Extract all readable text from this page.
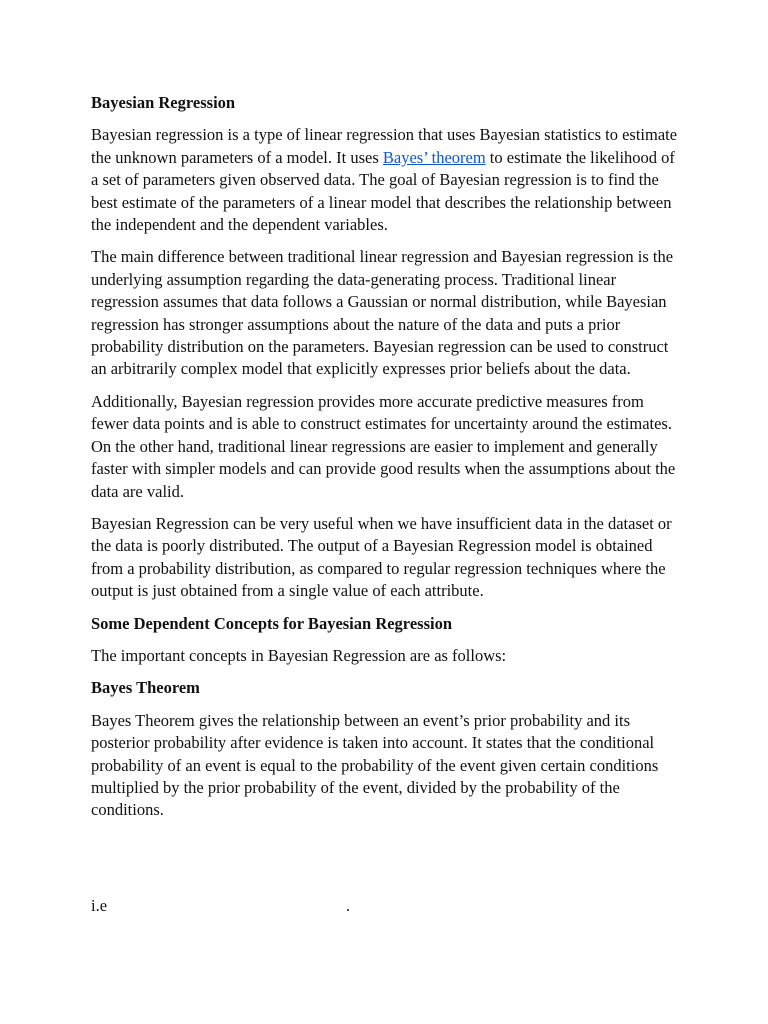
Bayesian Regression

Bayesian regression is a type of linear regression that uses Bayesian statistics to estimate the unknown parameters of a model. It uses Bayes’ theorem to estimate the likelihood of a set of parameters given observed data. The goal of Bayesian regression is to find the best estimate of the parameters of a linear model that describes the relationship between the independent and the dependent variables.

The main difference between traditional linear regression and Bayesian regression is the underlying assumption regarding the data-generating process. Traditional linear regression assumes that data follows a Gaussian or normal distribution, while Bayesian regression has stronger assumptions about the nature of the data and puts a prior probability distribution on the parameters. Bayesian regression can be used to construct an arbitrarily complex model that explicitly expresses prior beliefs about the data.

Additionally, Bayesian regression provides more accurate predictive measures from fewer data points and is able to construct estimates for uncertainty around the estimates. On the other hand, traditional linear regressions are easier to implement and generally faster with simpler models and can provide good results when the assumptions about the data are valid.

Bayesian Regression can be very useful when we have insufficient data in the dataset or the data is poorly distributed. The output of a Bayesian Regression model is obtained from a probability distribution, as compared to regular regression techniques where the output is just obtained from a single value of each attribute.

Some Dependent Concepts for Bayesian Regression

The important concepts in Bayesian Regression are as follows:

Bayes Theorem

Bayes Theorem gives the relationship between an event’s prior probability and its posterior probability after evidence is taken into account. It states that the conditional probability of an event is equal to the probability of the event given certain conditions multiplied by the prior probability of the event, divided by the probability of the conditions.

i.e	.
